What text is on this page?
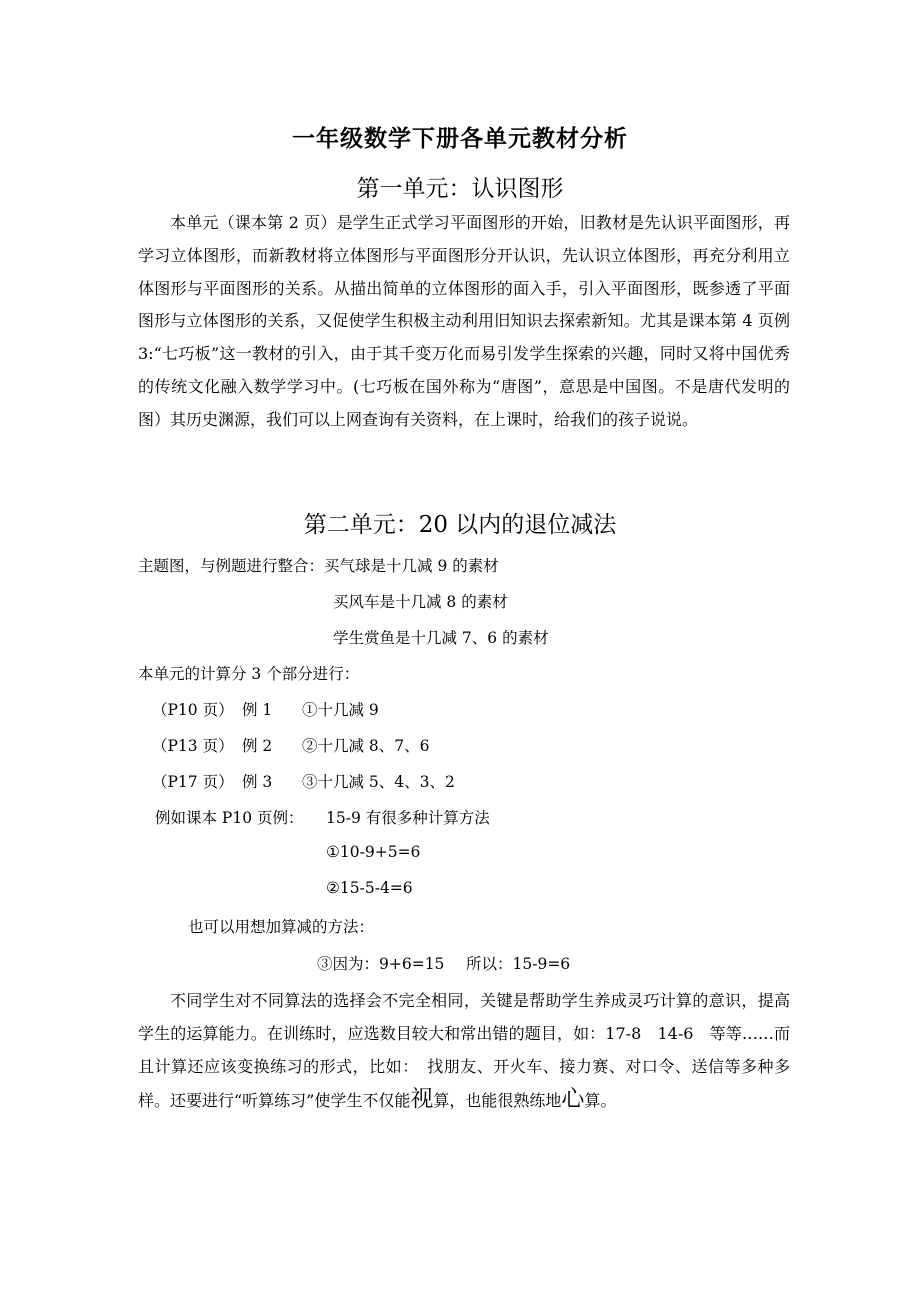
一年级数学下册各单元教材分析
第一单元：认识图形
本单元（课本第 2 页）是学生正式学习平面图形的开始，旧教材是先认识平面图形，再学习立体图形，而新教材将立体图形与平面图形分开认识，先认识立体图形，再充分利用立体图形与平面图形的关系。从描出简单的立体图形的面入手，引入平面图形，既参透了平面图形与立体图形的关系，又促使学生积极主动利用旧知识去探索新知。尤其是课本第 4 页例 3:“七巧板”这一教材的引入，由于其千变万化而易引发学生探索的兴趣，同时又将中国优秀的传统文化融入数学学习中。(七巧板在国外称为“唐图”，意思是中国图。不是唐代发明的图）其历史渊源，我们可以上网查询有关资料，在上课时，给我们的孩子说说。
第二单元：20 以内的退位减法
主题图，与例题进行整合：买气球是十几减 9 的素材
买风车是十几减 8 的素材
学生赏鱼是十几减 7、6 的素材
本单元的计算分 3 个部分进行：
（P10 页） 例 1 ①十几减 9
（P13 页） 例 2 ②十几减 8、7、6
（P17 页） 例 3 ③十几减 5、4、3、2
例如课本 P10 页例： 15-9 有很多种计算方法
①10-9+5=6
②15-5-4=6
也可以用想加算减的方法：
③因为：9+6=15 所以：15-9=6
不同学生对不同算法的选择会不完全相同，关键是帮助学生养成灵巧计算的意识，提高学生的运算能力。在训练时，应选数目较大和常出错的题目，如：17-8　14-6　等等……而且计算还应该变换练习的形式，比如：　找朋友、开火车、接力赛、对口令、送信等多种多样。还要进行“听算练习”使学生不仅能视算，也能很熟练地心算。
